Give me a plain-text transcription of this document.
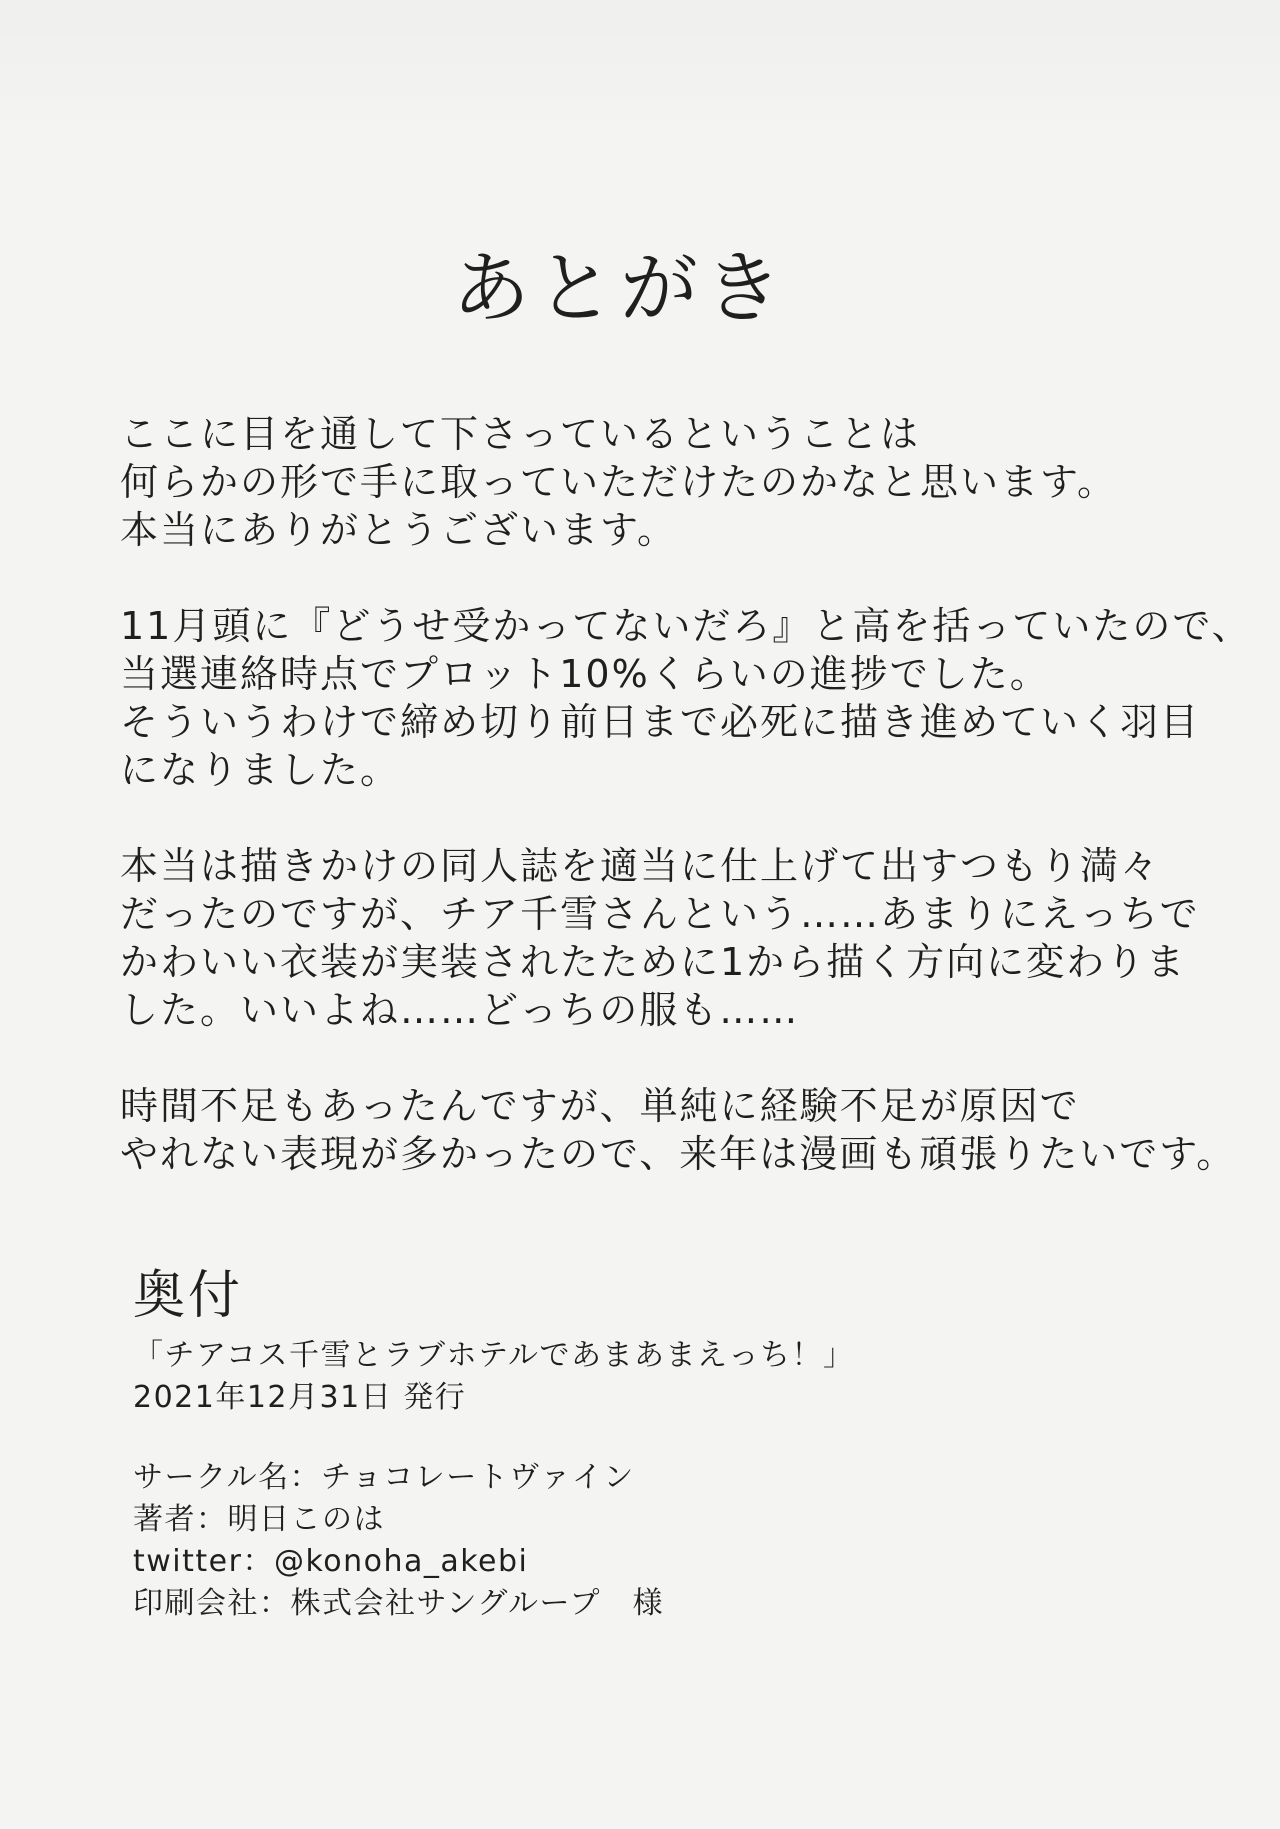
あとがき

ここに目を通して下さっているということは
何らかの形で手に取っていただけたのかなと思います。
本当にありがとうございます。

11月頭に『どうせ受かってないだろ』と高を括っていたので、
当選連絡時点でプロット10%くらいの進捗でした。
そういうわけで締め切り前日まで必死に描き進めていく羽目
になりました。

本当は描きかけの同人誌を適当に仕上げて出すつもり満々
だったのですが、チア千雪さんという……あまりにえっちで
かわいい衣装が実装されたために1から描く方向に変わりま
した。いいよね……どっちの服も……

時間不足もあったんですが、単純に経験不足が原因で
やれない表現が多かったので、来年は漫画も頑張りたいです。

奥付
「チアコス千雪とラブホテルであまあまえっち！」
2021年12月31日 発行
サークル名：チョコレートヴァイン
著者：明日このは
twitter：@konoha_akebi
印刷会社：株式会社サングループ　様
